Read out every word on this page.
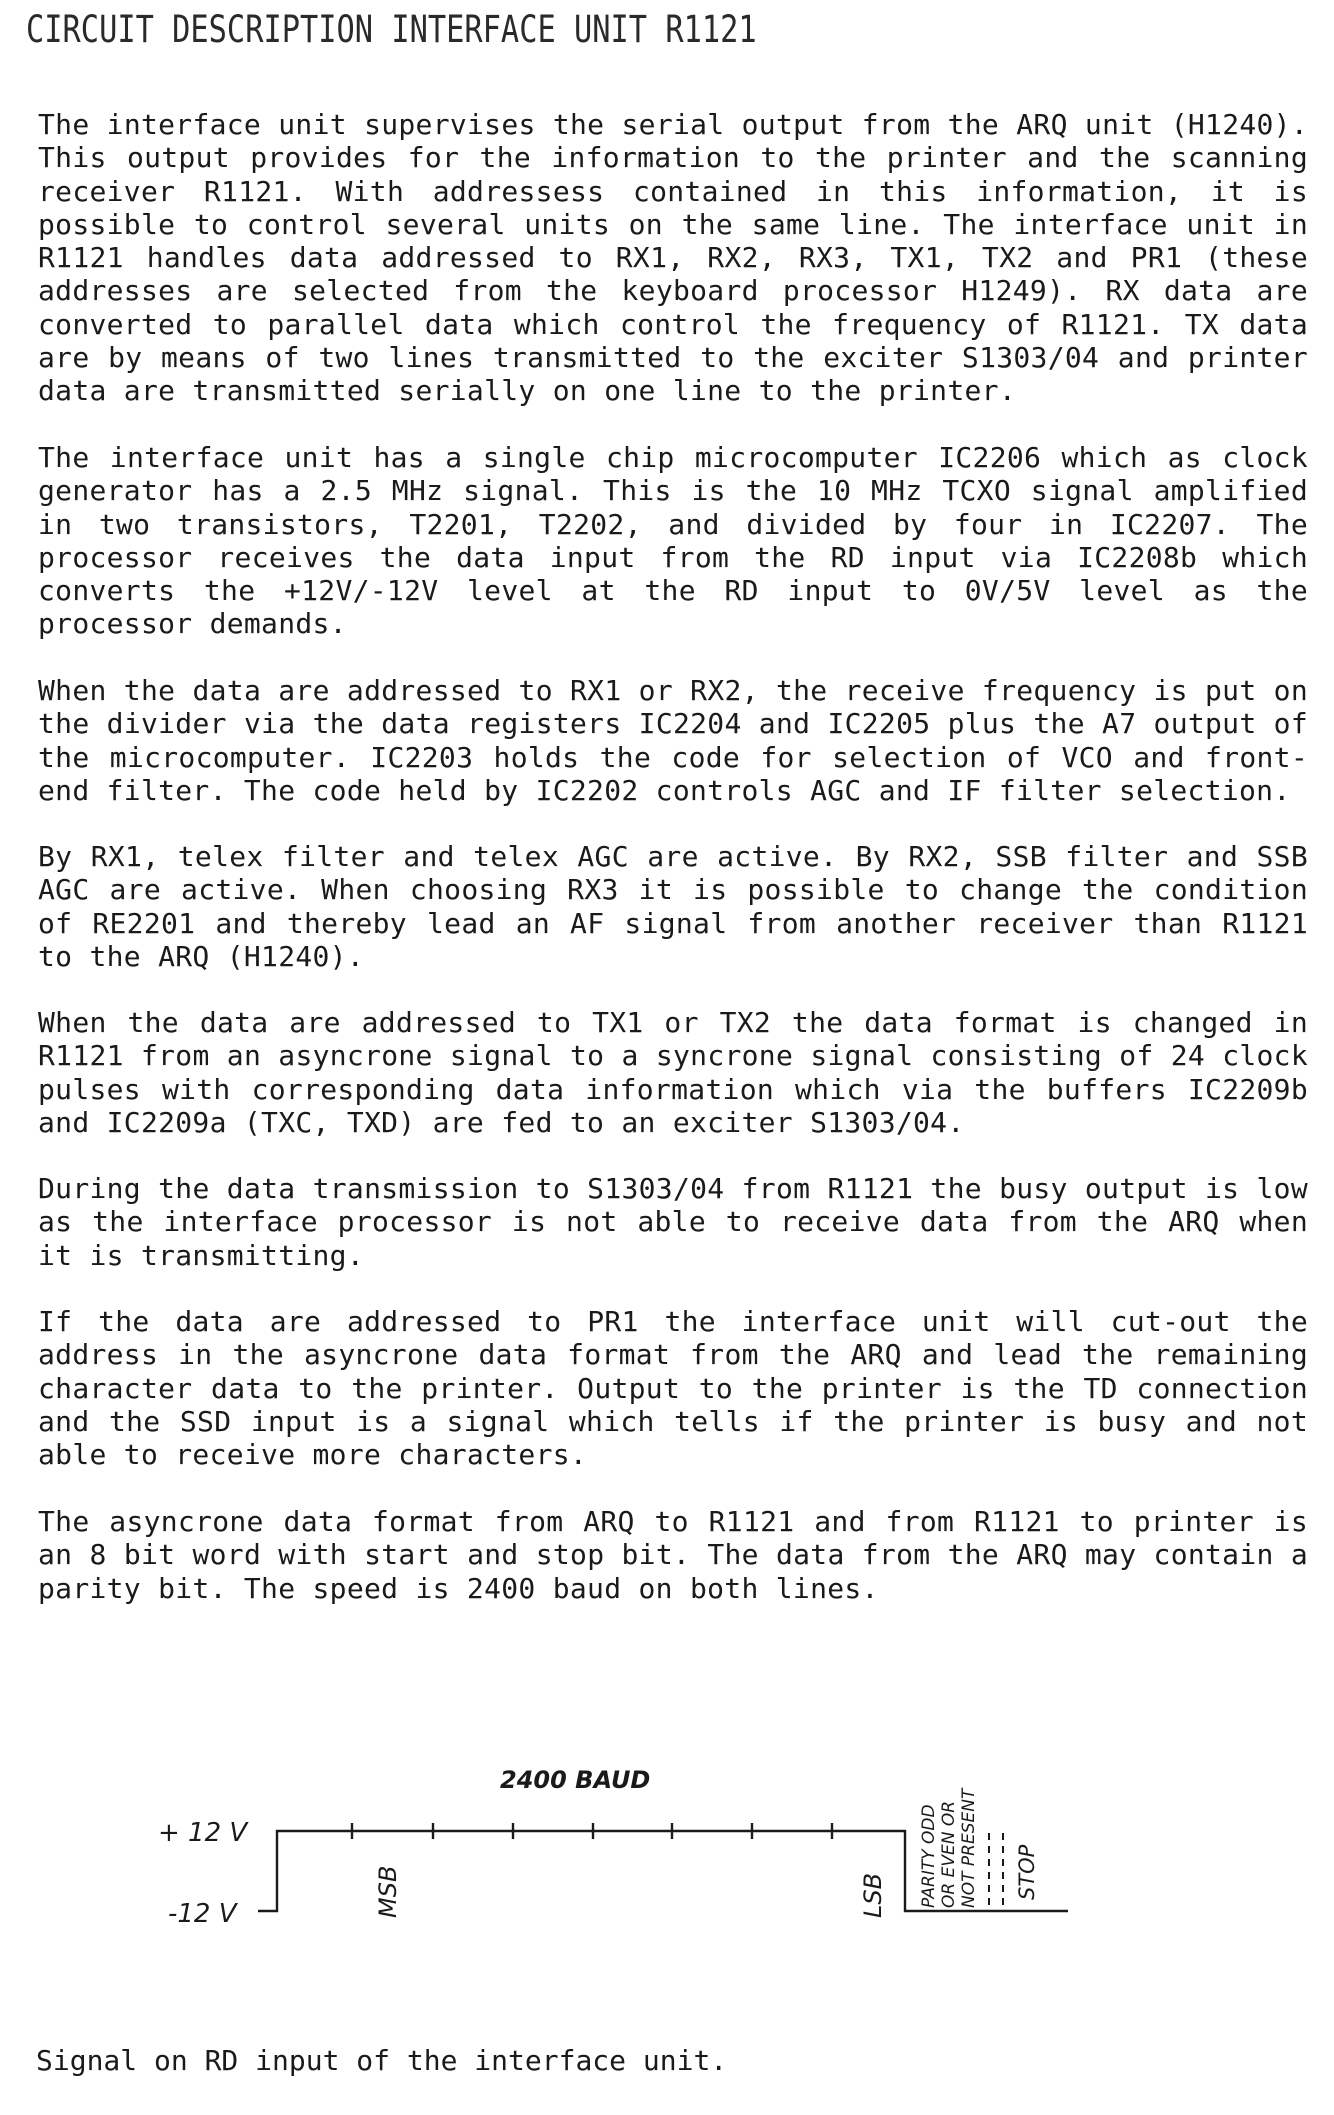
CIRCUIT DESCRIPTION INTERFACE UNIT R1121

The interface unit supervises the serial output from the ARQ unit (H1240). This output provides for the information to the printer and the scanning receiver R1121. With addressess contained in this information, it is possible to control several units on the same line. The interface unit in R1121 handles data addressed to RX1, RX2, RX3, TX1, TX2 and PR1 (these addresses are selected from the keyboard processor H1249). RX data are converted to parallel data which control the frequency of R1121. TX data are by means of two lines transmitted to the exciter S1303/04 and printer data are transmitted serially on one line to the printer.

The interface unit has a single chip microcomputer IC2206 which as clock generator has a 2.5 MHz signal. This is the 10 MHz TCXO signal amplified in two transistors, T2201, T2202, and divided by four in IC2207. The processor receives the data input from the RD input via IC2208b which converts the +12V/-12V level at the RD input to 0V/5V level as the processor demands.

When the data are addressed to RX1 or RX2, the receive frequency is put on the divider via the data registers IC2204 and IC2205 plus the A7 output of the microcomputer. IC2203 holds the code for selection of VCO and front-end filter. The code held by IC2202 controls AGC and IF filter selection.

By RX1, telex filter and telex AGC are active. By RX2, SSB filter and SSB AGC are active. When choosing RX3 it is possible to change the condition of RE2201 and thereby lead an AF signal from another receiver than R1121 to the ARQ (H1240).

When the data are addressed to TX1 or TX2 the data format is changed in R1121 from an asyncrone signal to a syncrone signal consisting of 24 clock pulses with corresponding data information which via the buffers IC2209b and IC2209a (TXC, TXD) are fed to an exciter S1303/04.

During the data transmission to S1303/04 from R1121 the busy output is low as the interface processor is not able to receive data from the ARQ when it is transmitting.

If the data are addressed to PR1 the interface unit will cut-out the address in the asyncrone data format from the ARQ and lead the remaining character data to the printer. Output to the printer is the TD connection and the SSD input is a signal which tells if the printer is busy and not able to receive more characters.

The asyncrone data format from ARQ to R1121 and from R1121 to printer is an 8 bit word with start and stop bit. The data from the ARQ may contain a parity bit. The speed is 2400 baud on both lines.

2400 BAUD
+ 12 V
-12 V	MSB	LSB PARITY ODD OR EVEN OR NOT PRESENT STOP
Signal on RD input of the interface unit.
